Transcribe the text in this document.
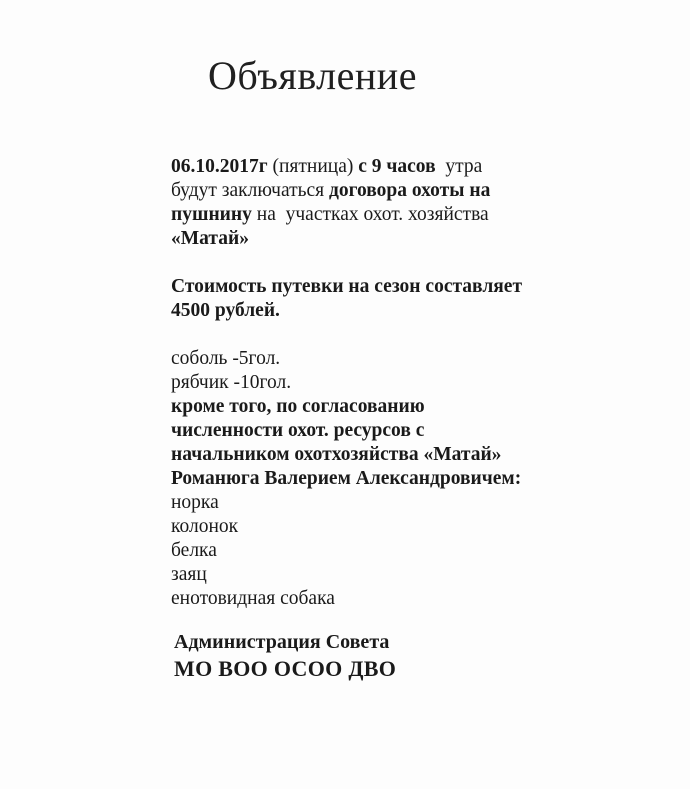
Объявление
06.10.2017г (пятница) с 9 часов  утра
будут заключаться договора охоты на
пушнину на  участках охот. хозяйства
«Матай»
Стоимость путевки на сезон составляет
4500 рублей.
соболь -5гол.
рябчик -10гол.
кроме того, по согласованию
численности охот. ресурсов с
начальником охотхозяйства «Матай»
Романюга Валерием Александровичем:
норка
колонок
белка
заяц
енотовидная собака
Администрация Совета
МО ВОО ОСОО ДВО
